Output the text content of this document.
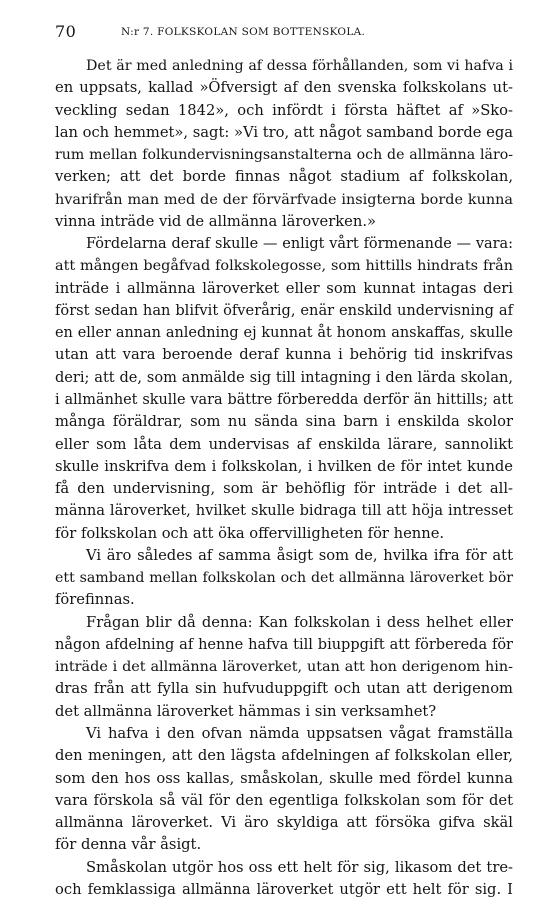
70	N:r 7. FOLKSKOLAN SOM BOTTENSKOLA.
Det är med anledning af dessa förhållanden, som vi hafva i
en uppsats, kallad »Öfversigt af den svenska folkskolans ut-
veckling sedan 1842», och infördt i första häftet af »Sko-
lan och hemmet», sagt: »Vi tro, att något samband borde ega
rum mellan folkundervisningsanstalterna och de allmänna läro-
verken; att det borde finnas något stadium af folkskolan,
hvarifrån man med de der förvärfvade insigterna borde kunna
vinna inträde vid de allmänna läroverken.»
Fördelarna deraf skulle — enligt vårt förmenande — vara:
att mången begåfvad folkskolegosse, som hittills hindrats från
inträde i allmänna läroverket eller som kunnat intagas deri
först sedan han blifvit öfverårig, enär enskild undervisning af
en eller annan anledning ej kunnat åt honom anskaffas, skulle
utan att vara beroende deraf kunna i behörig tid inskrifvas
deri; att de, som anmälde sig till intagning i den lärda skolan,
i allmänhet skulle vara bättre förberedda derför än hittills; att
många föräldrar, som nu sända sina barn i enskilda skolor
eller som låta dem undervisas af enskilda lärare, sannolikt
skulle inskrifva dem i folkskolan, i hvilken de för intet kunde
få den undervisning, som är behöflig för inträde i det all-
männa läroverket, hvilket skulle bidraga till att höja intresset
för folkskolan och att öka offervilligheten för henne.
Vi äro således af samma åsigt som de, hvilka ifra för att
ett samband mellan folkskolan och det allmänna läroverket bör
förefinnas.
Frågan blir då denna: Kan folkskolan i dess helhet eller
någon afdelning af henne hafva till biuppgift att förbereda för
inträde i det allmänna läroverket, utan att hon derigenom hin-
dras från att fylla sin hufvuduppgift och utan att derigenom
det allmänna läroverket hämmas i sin verksamhet?
Vi hafva i den ofvan nämda uppsatsen vågat framställa
den meningen, att den lägsta afdelningen af folkskolan eller,
som den hos oss kallas, småskolan, skulle med fördel kunna
vara förskola så väl för den egentliga folkskolan som för det
allmänna läroverket. Vi äro skyldiga att försöka gifva skäl
för denna vår åsigt.
Småskolan utgör hos oss ett helt för sig, likasom det tre-
och femklassiga allmänna läroverket utgör ett helt för sig. I
